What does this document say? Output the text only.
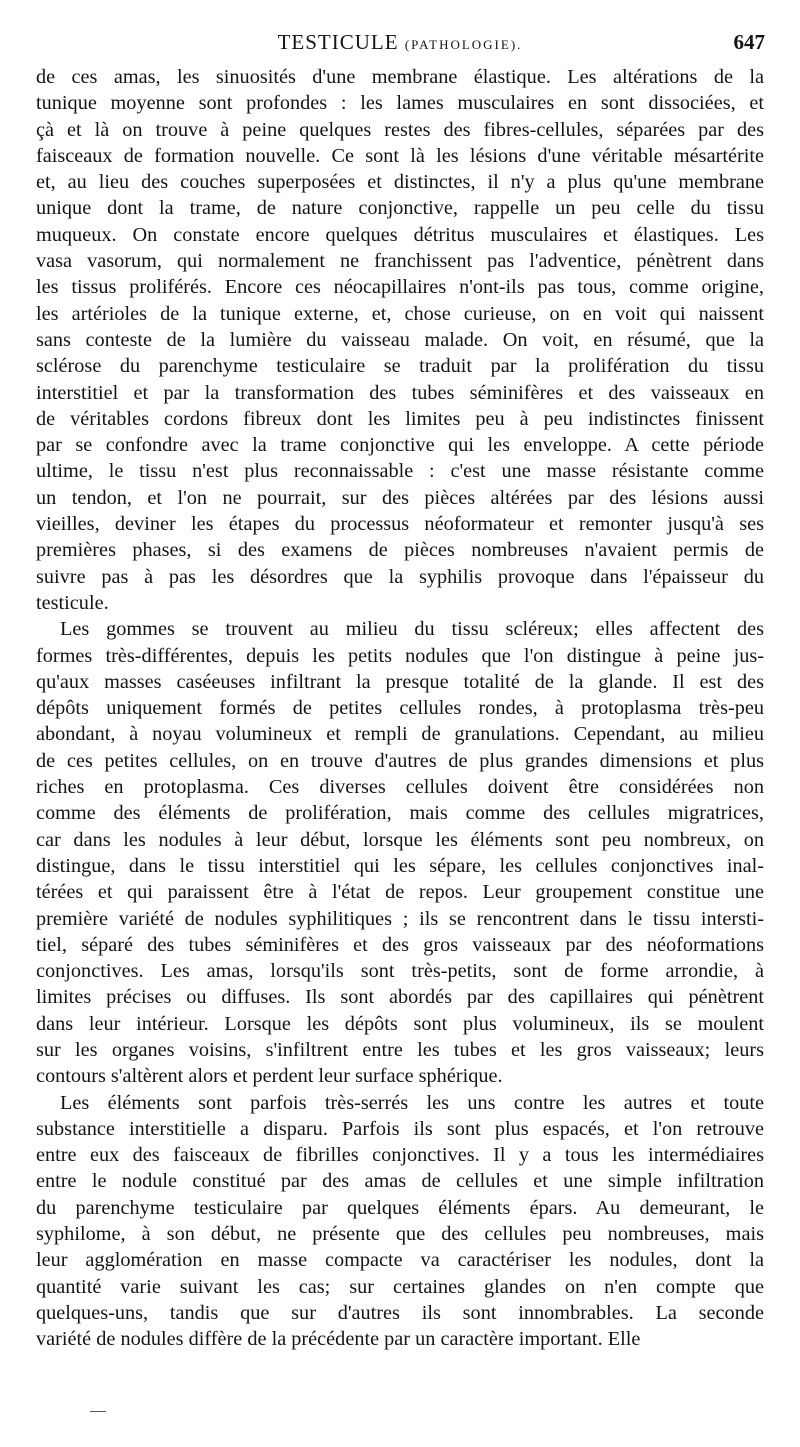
TESTICULE (PATHOLOGIE).	647
de ces amas, les sinuosités d'une membrane élastique. Les altérations de la
tunique moyenne sont profondes : les lames musculaires en sont dissociées, et
çà et là on trouve à peine quelques restes des fibres-cellules, séparées par des
faisceaux de formation nouvelle. Ce sont là les lésions d'une véritable mésartérite
et, au lieu des couches superposées et distinctes, il n'y a plus qu'une membrane
unique dont la trame, de nature conjonctive, rappelle un peu celle du tissu
muqueux. On constate encore quelques détritus musculaires et élastiques. Les
vasa vasorum, qui normalement ne franchissent pas l'adventice, pénètrent dans
les tissus proliférés. Encore ces néocapillaires n'ont-ils pas tous, comme origine,
les artérioles de la tunique externe, et, chose curieuse, on en voit qui naissent
sans conteste de la lumière du vaisseau malade. On voit, en résumé, que la
sclérose du parenchyme testiculaire se traduit par la prolifération du tissu
interstitiel et par la transformation des tubes séminifères et des vaisseaux en
de véritables cordons fibreux dont les limites peu à peu indistinctes finissent
par se confondre avec la trame conjonctive qui les enveloppe. A cette période
ultime, le tissu n'est plus reconnaissable : c'est une masse résistante comme
un tendon, et l'on ne pourrait, sur des pièces altérées par des lésions aussi
vieilles, deviner les étapes du processus néoformateur et remonter jusqu'à ses
premières phases, si des examens de pièces nombreuses n'avaient permis de
suivre pas à pas les désordres que la syphilis provoque dans l'épaisseur du
testicule.
Les gommes se trouvent au milieu du tissu scléreux; elles affectent des
formes très-différentes, depuis les petits nodules que l'on distingue à peine jus-
qu'aux masses caséeuses infiltrant la presque totalité de la glande. Il est des
dépôts uniquement formés de petites cellules rondes, à protoplasma très-peu
abondant, à noyau volumineux et rempli de granulations. Cependant, au milieu
de ces petites cellules, on en trouve d'autres de plus grandes dimensions et plus
riches en protoplasma. Ces diverses cellules doivent être considérées non
comme des éléments de prolifération, mais comme des cellules migratrices,
car dans les nodules à leur début, lorsque les éléments sont peu nombreux, on
distingue, dans le tissu interstitiel qui les sépare, les cellules conjonctives inal-
térées et qui paraissent être à l'état de repos. Leur groupement constitue une
première variété de nodules syphilitiques ; ils se rencontrent dans le tissu intersti-
tiel, séparé des tubes séminifères et des gros vaisseaux par des néoformations
conjonctives. Les amas, lorsqu'ils sont très-petits, sont de forme arrondie, à
limites précises ou diffuses. Ils sont abordés par des capillaires qui pénètrent
dans leur intérieur. Lorsque les dépôts sont plus volumineux, ils se moulent
sur les organes voisins, s'infiltrent entre les tubes et les gros vaisseaux; leurs
contours s'altèrent alors et perdent leur surface sphérique.
Les éléments sont parfois très-serrés les uns contre les autres et toute
substance interstitielle a disparu. Parfois ils sont plus espacés, et l'on retrouve
entre eux des faisceaux de fibrilles conjonctives. Il y a tous les intermédiaires
entre le nodule constitué par des amas de cellules et une simple infiltration
du parenchyme testiculaire par quelques éléments épars. Au demeurant, le
syphilome, à son début, ne présente que des cellules peu nombreuses, mais
leur agglomération en masse compacte va caractériser les nodules, dont la
quantité varie suivant les cas; sur certaines glandes on n'en compte que
quelques-uns, tandis que sur d'autres ils sont innombrables. La seconde
variété de nodules diffère de la précédente par un caractère important. Elle
